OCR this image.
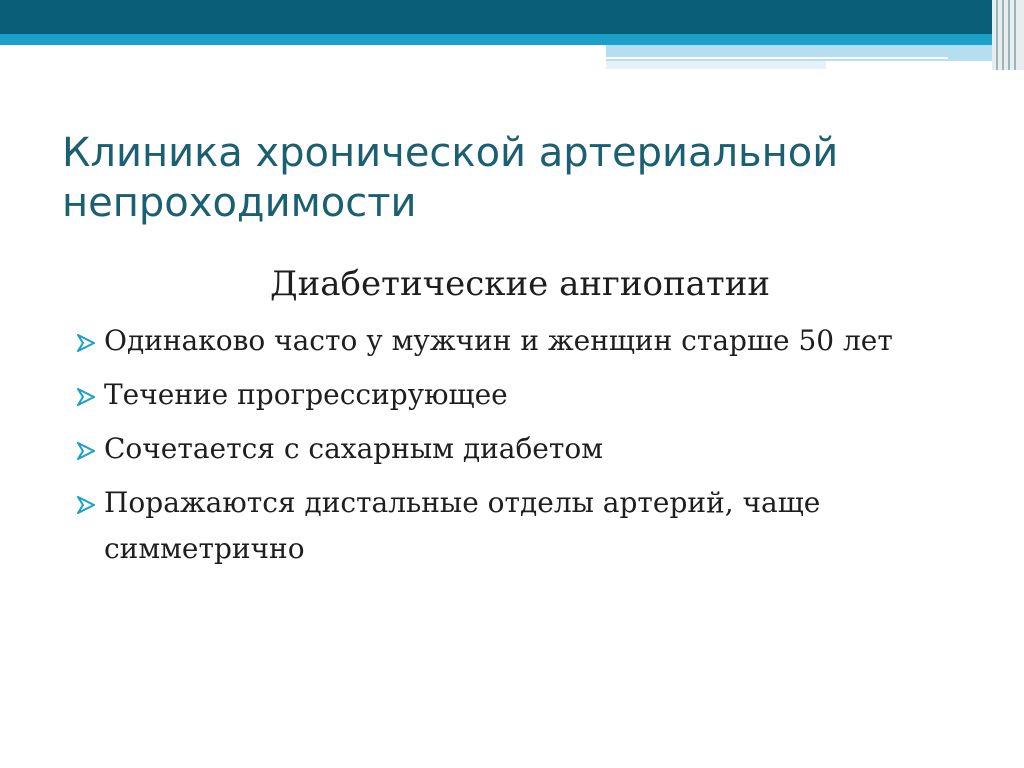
Клиника хронической артериальной непроходимости
Диабетические ангиопатии
Одинаково часто у мужчин и женщин старше 50 лет
Течение прогрессирующее
Сочетается с сахарным диабетом
Поражаются дистальные отделы артерий, чаще симметрично
